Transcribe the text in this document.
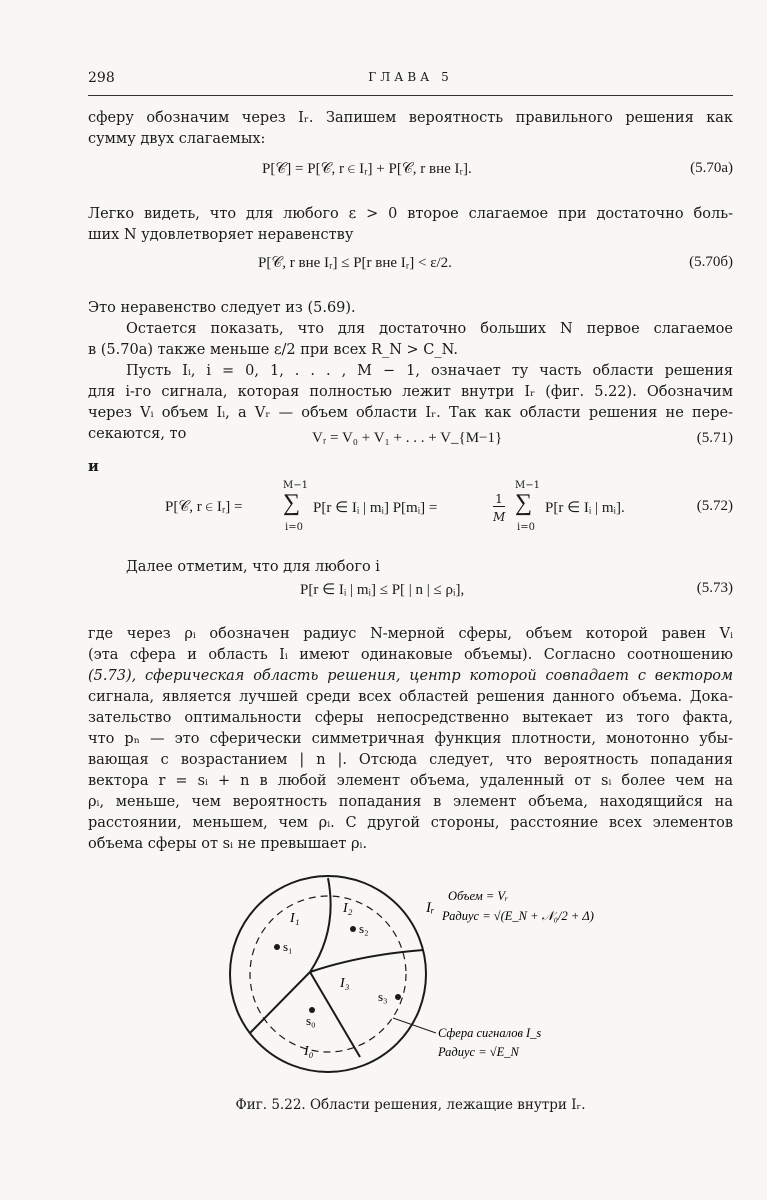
298	ГЛАВА 5
сферу обозначим через Iᵣ. Запишем вероятность правильного решения как
сумму двух слагаемых:
P[𝒞] = P[𝒞, r ∈ Iᵣ] + P[𝒞, r вне Iᵣ].	(5.70а)
Легко видеть, что для любого ε > 0 второе слагаемое при достаточно боль-
ших N удовлетворяет неравенству
P[𝒞, r вне Iᵣ] ≤ P[r вне Iᵣ] < ε/2.	(5.70б)
Это неравенство следует из (5.69).
Остается показать, что для достаточно больших N первое слагаемое
в (5.70а) также меньше ε/2 при всех R_N > C_N.
Пусть Iᵢ, i = 0, 1, . . . , M − 1, означает ту часть области решения
для i-го сигнала, которая полностью лежит внутри Iᵣ (фиг. 5.22). Обозначим
через Vᵢ объем Iᵢ, а Vᵣ — объем области Iᵣ. Так как области решения не пере-
секаются, то	Vᵣ = V₀ + V₁ + . . . + V_{M−1}	(5.71)
и
P[𝒞, r ∈ Iᵣ] =
M−1
∑
i=0
P[r ∈ Iᵢ | mᵢ] P[mᵢ] =
1
M
M−1
∑
i=0
P[r ∈ Iᵢ | mᵢ].	(5.72)
Далее отметим, что для любого i
P[r ∈ Iᵢ | mᵢ] ≤ P[ | n | ≤ ρᵢ],	(5.73)
где через ρᵢ обозначен радиус N-мерной сферы, объем которой равен Vᵢ
(эта сфера и область Iᵢ имеют одинаковые объемы). Согласно соотношению
(5.73), сферическая область решения, центр которой совпадает с вектором
сигнала, является лучшей среди всех областей решения данного объема. Дока-
зательство оптимальности сферы непосредственно вытекает из того факта,
что pₙ — это сферически симметричная функция плотности, монотонно убы-
вающая с возрастанием | n |. Отсюда следует, что вероятность попадания
вектора r = sᵢ + n в любой элемент объема, удаленный от sᵢ более чем на
ρᵢ, меньше, чем вероятность попадания в элемент объема, находящийся на
расстоянии, меньшем, чем ρᵢ. С другой стороны, расстояние всех элементов
объема сферы от sᵢ не превышает ρᵢ.
I₁
I₂
I₃
I₀
s₁
s₂
s₃
s₀
Iᵣ
Объем = Vᵣ
Радиус = √(E_N + 𝒩₀/2 + Δ)
Сфера сигналов I_s
Радиус = √E_N
Фиг. 5.22. Области решения, лежащие внутри Iᵣ.
